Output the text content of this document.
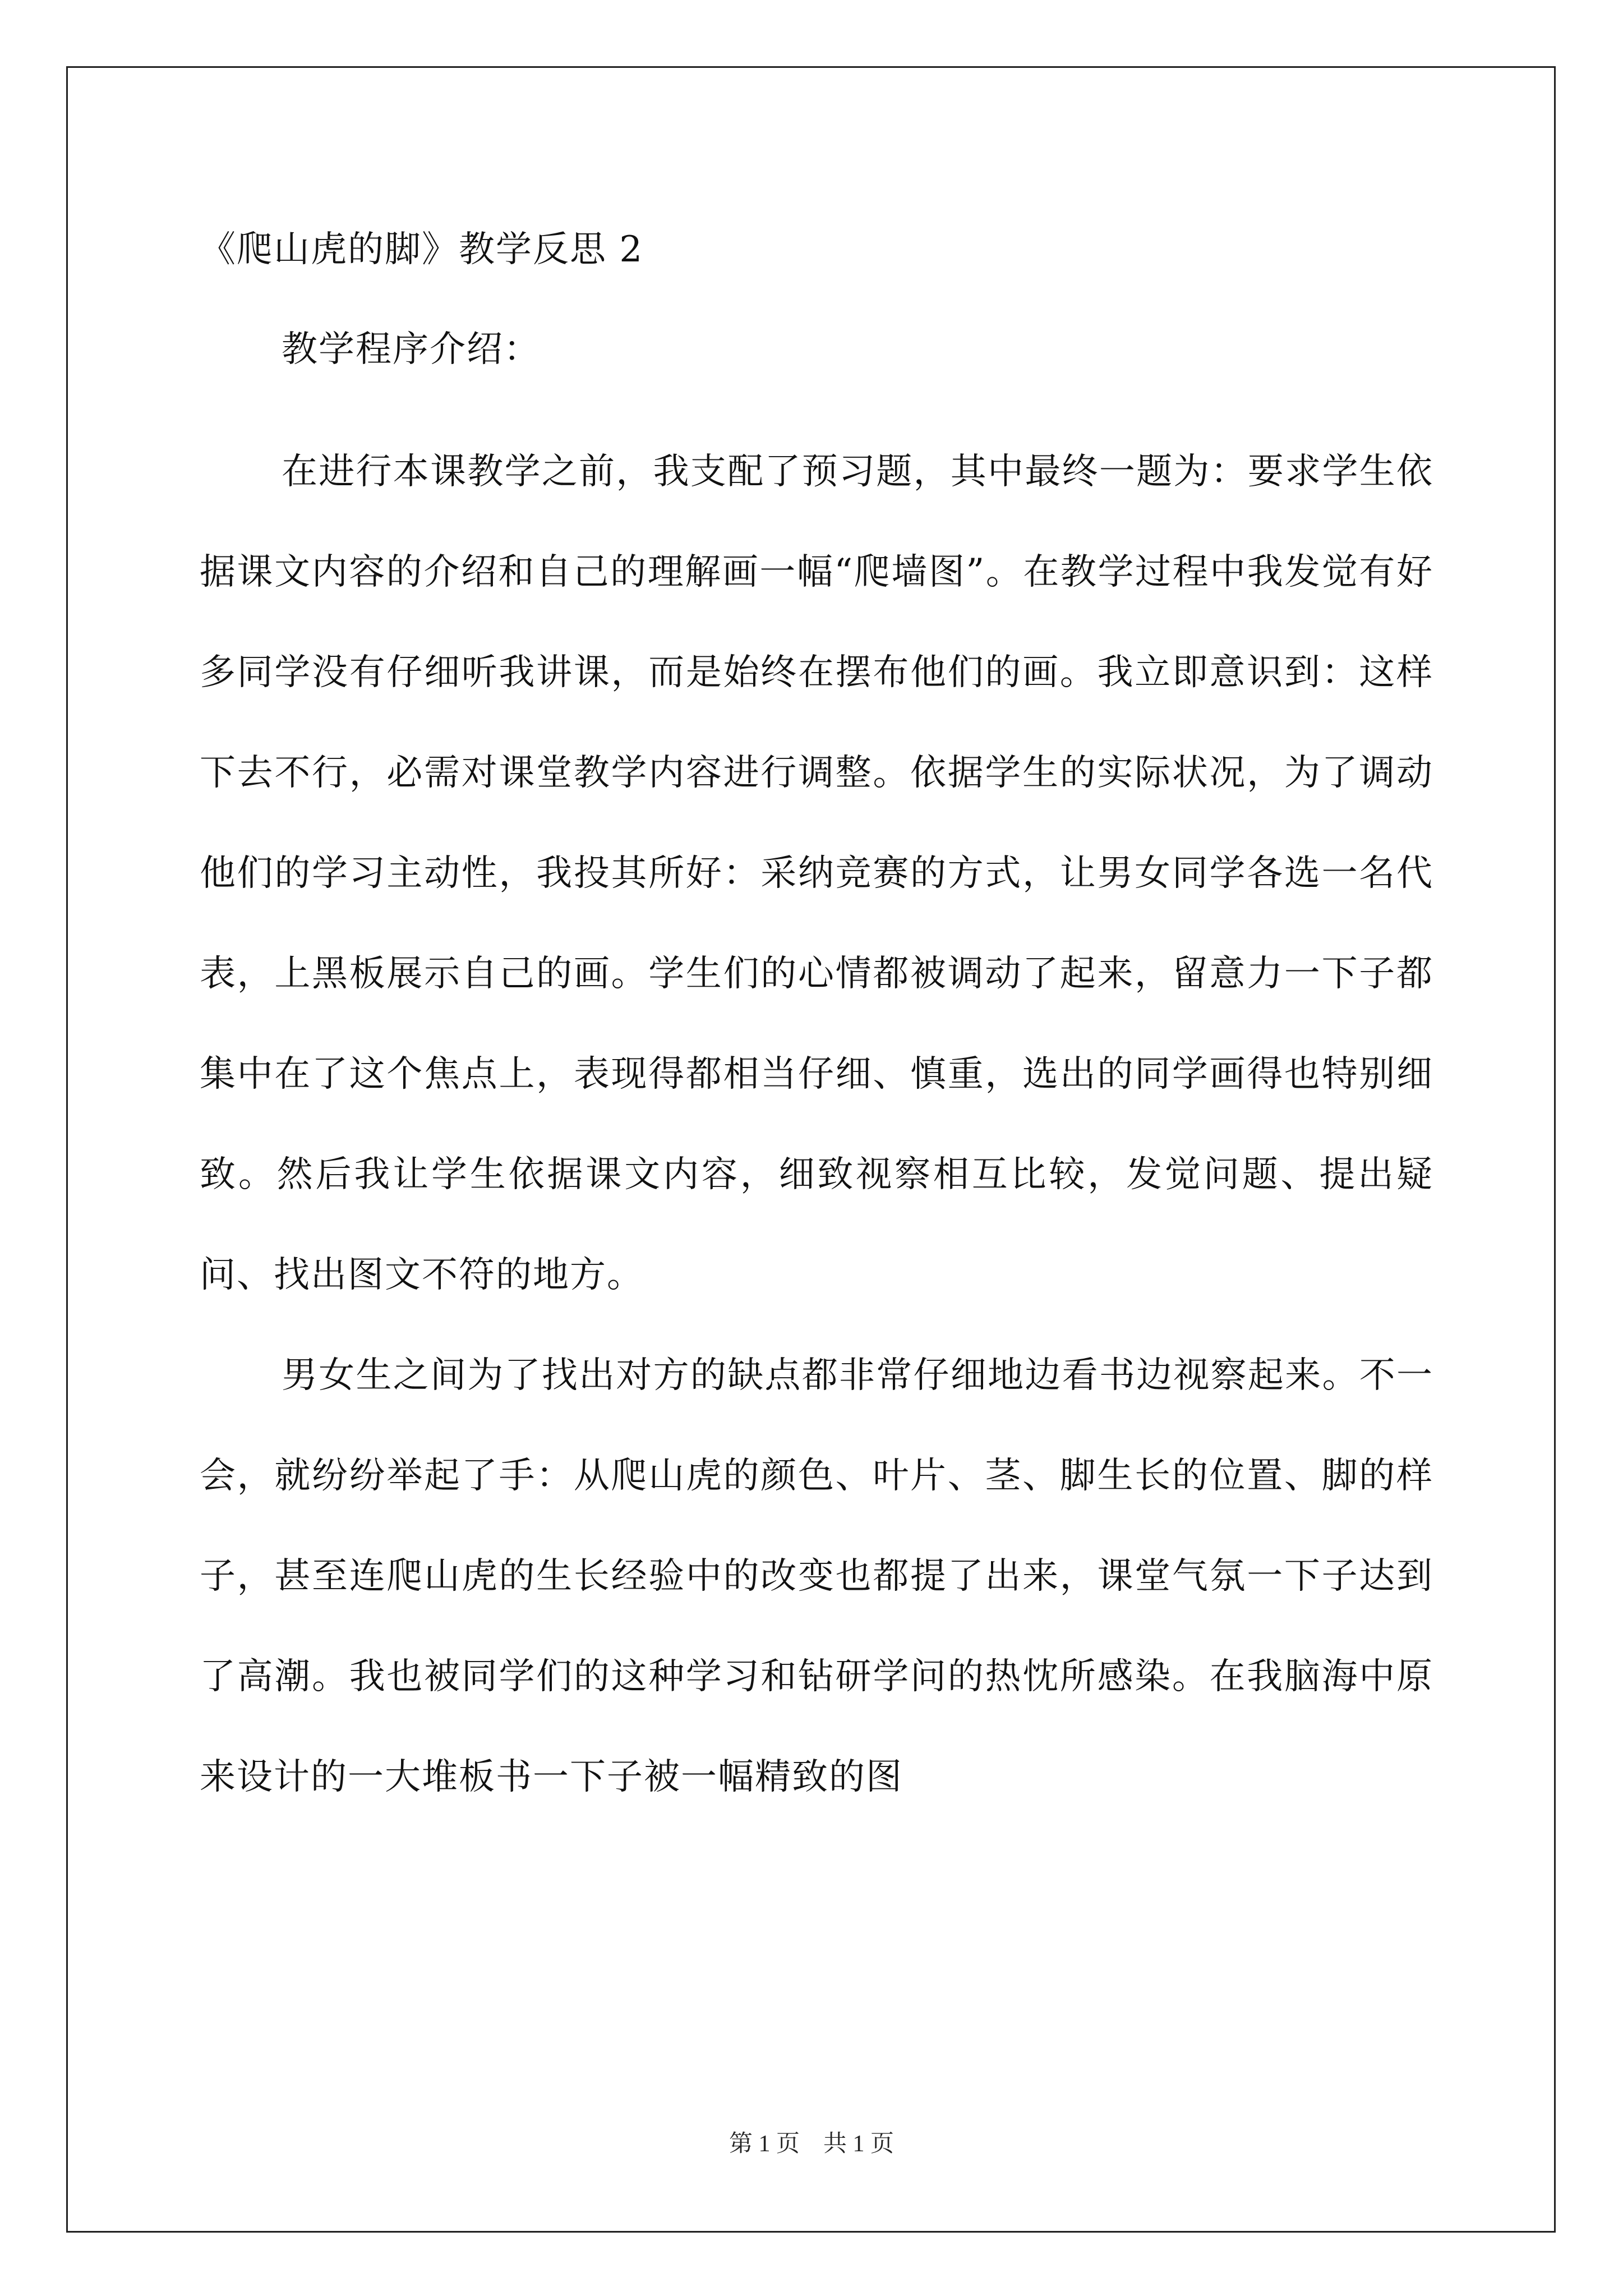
《爬山虎的脚》教学反思 2

教学程序介绍：

在进行本课教学之前，我支配了预习题，其中最终一题为：要求学生依据课文内容的介绍和自己的理解画一幅“爬墙图”。在教学过程中我发觉有好多同学没有仔细听我讲课，而是始终在摆布他们的画。我立即意识到：这样下去不行，必需对课堂教学内容进行调整。依据学生的实际状况，为了调动他们的学习主动性，我投其所好：采纳竞赛的方式，让男女同学各选一名代表，上黑板展示自己的画。学生们的心情都被调动了起来，留意力一下子都集中在了这个焦点上，表现得都相当仔细、慎重，选出的同学画得也特别细致。然后我让学生依据课文内容，细致视察相互比较，发觉问题、提出疑问、找出图文不符的地方。

男女生之间为了找出对方的缺点都非常仔细地边看书边视察起来。不一会，就纷纷举起了手：从爬山虎的颜色、叶片、茎、脚生长的位置、脚的样子，甚至连爬山虎的生长经验中的改变也都提了出来，课堂气氛一下子达到了高潮。我也被同学们的这种学习和钻研学问的热忱所感染。在我脑海中原来设计的一大堆板书一下子被一幅精致的图

第 1 页　共 1 页
